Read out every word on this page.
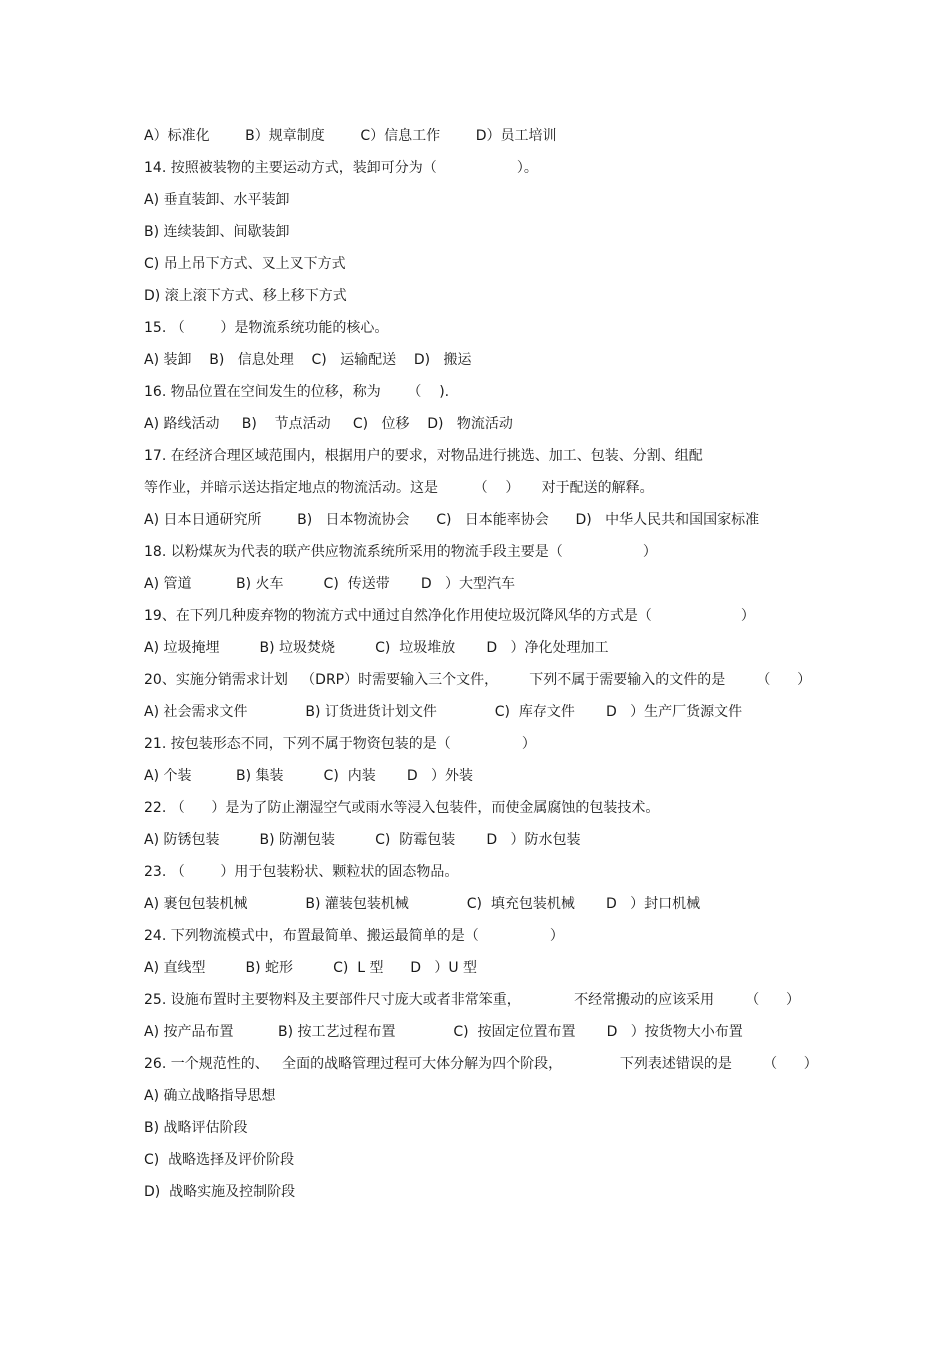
A）标准化        B）规章制度        C）信息工作        D）员工培训
14. 按照被装物的主要运动方式，装卸可分为（                  ）。
A) 垂直装卸、水平装卸
B) 连续装卸、间歇装卸
C) 吊上吊下方式、叉上叉下方式
D) 滚上滚下方式、移上移下方式
15. （        ）是物流系统功能的核心。
A) 装卸    B)   信息处理    C)   运输配送    D)   搬运
16. 物品位置在空间发生的位移，称为      （    ).
A) 路线活动     B)    节点活动     C)   位移    D)   物流活动
17. 在经济合理区域范围内，根据用户的要求，对物品进行挑选、加工、包装、分割、组配
等作业，并暗示送达指定地点的物流活动。这是        （    ）     对于配送的解释。
A) 日本日通研究所        B)   日本物流协会      C)   日本能率协会      D)   中华人民共和国国家标准
18. 以粉煤灰为代表的联产供应物流系统所采用的物流手段主要是（                  ）
A) 管道          B) 火车         C)  传送带       D   ）大型汽车
19、在下列几种废弃物的物流方式中通过自然净化作用使垃圾沉降风华的方式是（                    ）
A) 垃圾掩埋         B) 垃圾焚烧         C)  垃圾堆放       D   ）净化处理加工
20、实施分销需求计划   （DRP）时需要输入三个文件，       下列不属于需要输入的文件的是       （      ）
A) 社会需求文件             B) 订货进货计划文件             C)  库存文件       D   ）生产厂货源文件
21. 按包装形态不同，下列不属于物资包装的是（                ）
A) 个装          B) 集装         C)  内装       D   ）外装
22. （      ）是为了防止潮湿空气或雨水等浸入包装件，而使金属腐蚀的包装技术。
A) 防锈包装         B) 防潮包装         C)  防霉包装       D   ）防水包装
23. （        ）用于包装粉状、颗粒状的固态物品。
A) 裹包包装机械             B) 灌装包装机械             C)  填充包装机械       D   ）封口机械
24. 下列物流模式中，布置最简单、搬运最简单的是（                ）
A) 直线型         B) 蛇形         C)  L 型      D   ）U 型
25. 设施布置时主要物料及主要部件尺寸庞大或者非常笨重，            不经常搬动的应该采用       （      ）
A) 按产品布置          B) 按工艺过程布置             C)  按固定位置布置       D   ）按货物大小布置
26. 一个规范性的、   全面的战略管理过程可大体分解为四个阶段，             下列表述错误的是       （      ）
A) 确立战略指导思想
B) 战略评估阶段
C)  战略选择及评价阶段
D)  战略实施及控制阶段
